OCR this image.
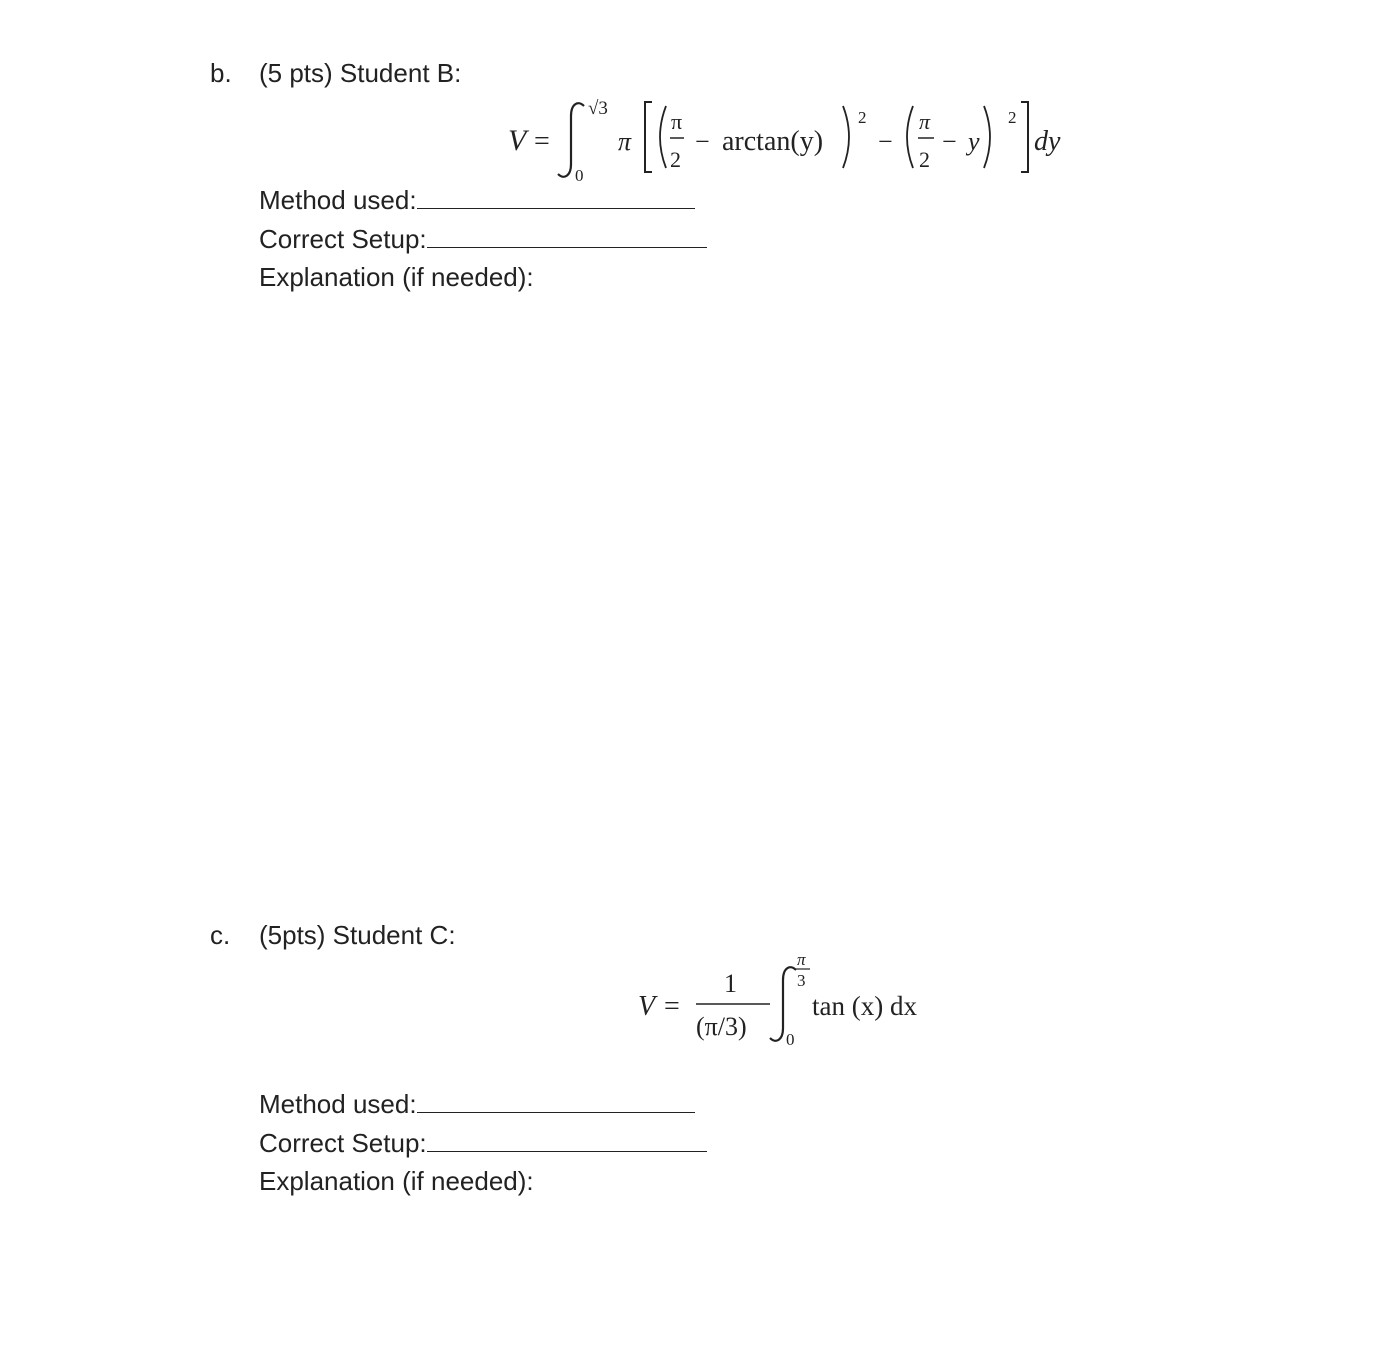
b. (5 pts) Student B:
V =
√3
0
π
π
2
− arctan(y)
2
−
π
2
− y
2
dy
Method used:
Correct Setup:
Explanation (if needed):
c. (5pts) Student C:
V =
1
(π/3)
π
3
0
tan (x) dx
Method used:
Correct Setup:
Explanation (if needed):
